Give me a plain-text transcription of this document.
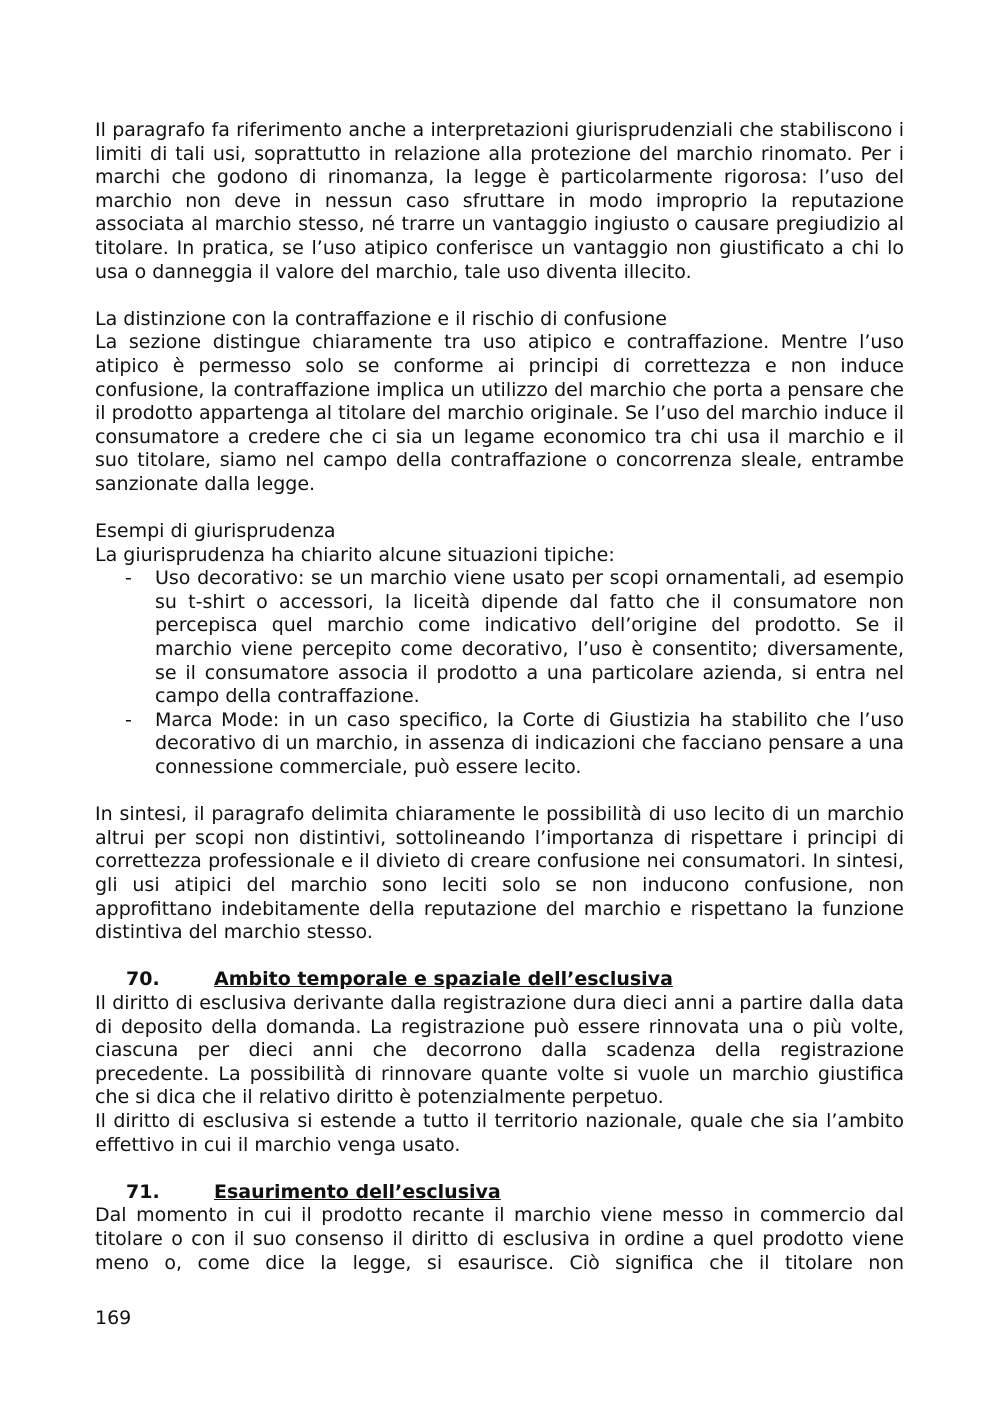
Il paragrafo fa riferimento anche a interpretazioni giurisprudenziali che stabiliscono i limiti di tali usi, soprattutto in relazione alla protezione del marchio rinomato. Per i marchi che godono di rinomanza, la legge è particolarmente rigorosa: l’uso del marchio non deve in nessun caso sfruttare in modo improprio la reputazione associata al marchio stesso, né trarre un vantaggio ingiusto o causare pregiudizio al titolare. In pratica, se l’uso atipico conferisce un vantaggio non giustificato a chi lo usa o danneggia il valore del marchio, tale uso diventa illecito.

La distinzione con la contraffazione e il rischio di confusione

La sezione distingue chiaramente tra uso atipico e contraffazione. Mentre l’uso atipico è permesso solo se conforme ai principi di correttezza e non induce confusione, la contraffazione implica un utilizzo del marchio che porta a pensare che il prodotto appartenga al titolare del marchio originale. Se l’uso del marchio induce il consumatore a credere che ci sia un legame economico tra chi usa il marchio e il suo titolare, siamo nel campo della contraffazione o concorrenza sleale, entrambe sanzionate dalla legge.

Esempi di giurisprudenza

La giurisprudenza ha chiarito alcune situazioni tipiche:

- Uso decorativo: se un marchio viene usato per scopi ornamentali, ad esempio su t-shirt o accessori, la liceità dipende dal fatto che il consumatore non percepisca quel marchio come indicativo dell’origine del prodotto. Se il marchio viene percepito come decorativo, l’uso è consentito; diversamente, se il consumatore associa il prodotto a una particolare azienda, si entra nel campo della contraffazione.
- Marca Mode: in un caso specifico, la Corte di Giustizia ha stabilito che l’uso decorativo di un marchio, in assenza di indicazioni che facciano pensare a una connessione commerciale, può essere lecito.

In sintesi, il paragrafo delimita chiaramente le possibilità di uso lecito di un marchio altrui per scopi non distintivi, sottolineando l’importanza di rispettare i principi di correttezza professionale e il divieto di creare confusione nei consumatori. In sintesi, gli usi atipici del marchio sono leciti solo se non inducono confusione, non approfittano indebitamente della reputazione del marchio e rispettano la funzione distintiva del marchio stesso.

70.	Ambito temporale e spaziale dell’esclusiva

Il diritto di esclusiva derivante dalla registrazione dura dieci anni a partire dalla data di deposito della domanda. La registrazione può essere rinnovata una o più volte, ciascuna per dieci anni che decorrono dalla scadenza della registrazione precedente. La possibilità di rinnovare quante volte si vuole un marchio giustifica che si dica che il relativo diritto è potenzialmente perpetuo.

Il diritto di esclusiva si estende a tutto il territorio nazionale, quale che sia l’ambito effettivo in cui il marchio venga usato.

71.	Esaurimento dell’esclusiva

Dal momento in cui il prodotto recante il marchio viene messo in commercio dal titolare o con il suo consenso il diritto di esclusiva in ordine a quel prodotto viene meno o, come dice la legge, si esaurisce. Ciò significa che il titolare non

169
